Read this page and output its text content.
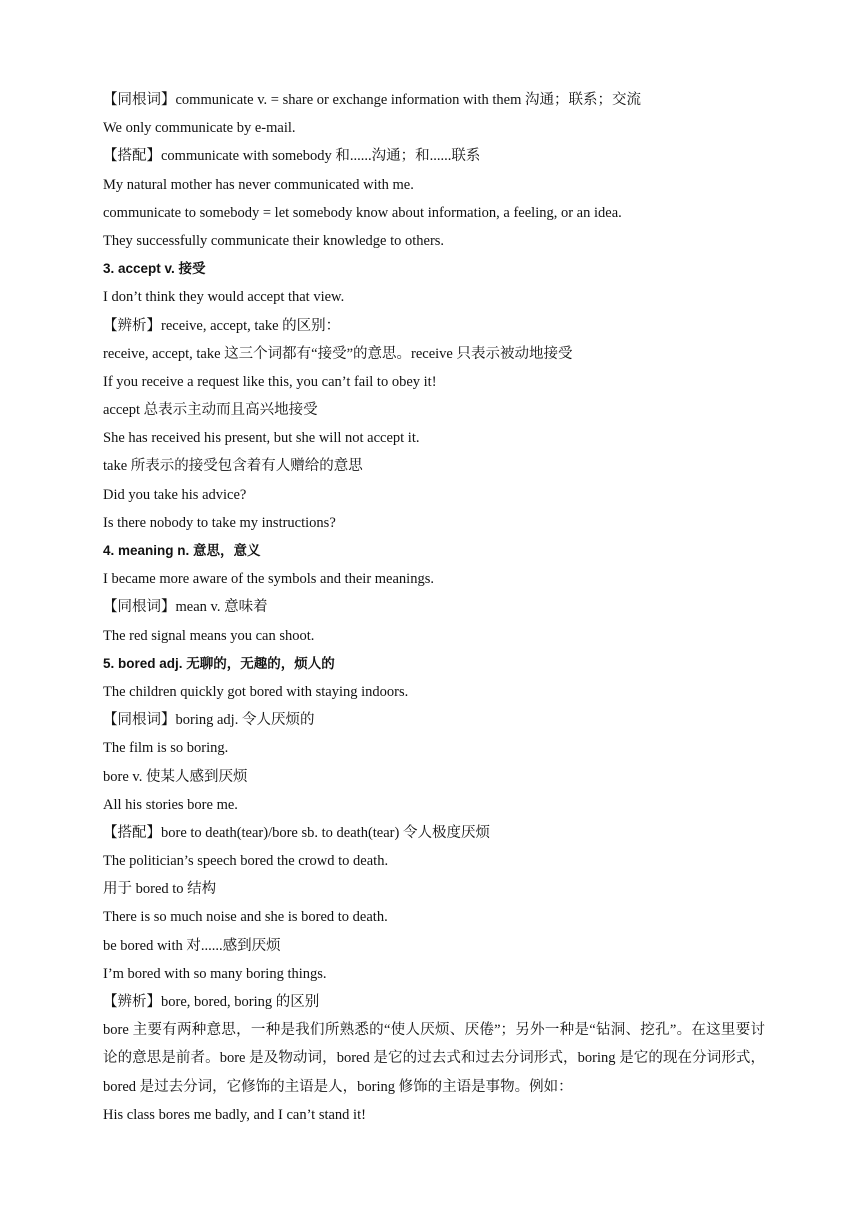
【同根词】communicate v. = share or exchange information with them 沟通；联系；交流
We only communicate by e-mail.
【搭配】communicate with somebody 和......沟通；和......联系
My natural mother has never communicated with me.
communicate to somebody = let somebody know about information, a feeling, or an idea.
They successfully communicate their knowledge to others.
3. accept v. 接受
I don’t think they would accept that view.
【辨析】receive, accept, take 的区别：
receive, accept, take 这三个词都有“接受”的意思。receive 只表示被动地接受
If you receive a request like this, you can’t fail to obey it!
accept 总表示主动而且高兴地接受
She has received his present, but she will not accept it.
take 所表示的接受包含着有人赠给的意思
Did you take his advice?
Is there nobody to take my instructions?
4. meaning n. 意思，意义
I became more aware of the symbols and their meanings.
【同根词】mean v. 意味着
The red signal means you can shoot.
5. bored adj. 无聊的，无趣的，烦人的
The children quickly got bored with staying indoors.
【同根词】boring adj. 令人厌烦的
The film is so boring.
bore v. 使某人感到厌烦
All his stories bore me.
【搭配】bore to death(tear)/bore sb. to death(tear) 令人极度厌烦
The politician’s speech bored the crowd to death.
用于 bored to 结构
There is so much noise and she is bored to death.
be bored with 对......感到厌烦
I’m bored with so many boring things.
【辨析】bore, bored, boring 的区别
bore 主要有两种意思，一种是我们所熟悉的“使人厌烦、厌倦”；另外一种是“钻洞、挖孔”。在这里要讨论的意思是前者。bore 是及物动词，bored 是它的过去式和过去分词形式，boring 是它的现在分词形式，bored 是过去分词，它修饰的主语是人，boring 修饰的主语是事物。例如：
His class bores me badly, and I can’t stand it!
